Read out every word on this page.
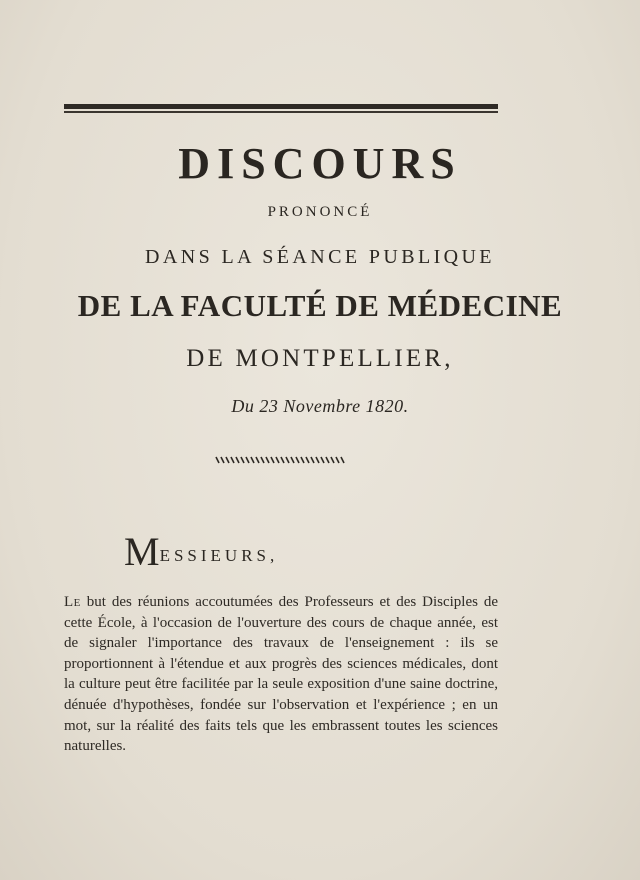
DISCOURS
PRONONCÉ
DANS LA SÉANCE PUBLIQUE
DE LA FACULTÉ DE MÉDECINE
DE MONTPELLIER,
Du 23 Novembre 1820.
MESSIEURS,
Le but des réunions accoutumées des Professeurs et des Disciples de cette École, à l'occasion de l'ouverture des cours de chaque année, est de signaler l'importance des travaux de l'enseignement : ils se proportionnent à l'étendue et aux progrès des sciences médicales, dont la culture peut être facilitée par la seule exposition d'une saine doctrine, dénuée d'hypothèses, fondée sur l'observation et l'expérience ; en un mot, sur la réalité des faits tels que les embrassent toutes les sciences naturelles.
